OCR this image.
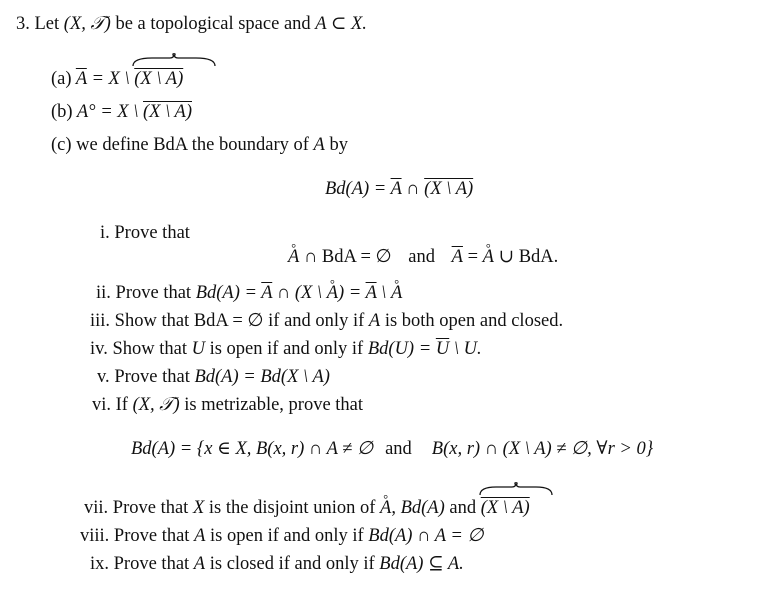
3. Let (X, 𝒯) be a topological space and A ⊂ X.
(a) $\overline{A} = X$ \
(X \ A)
(b) A° = X \ (X \ A)
(c) we define BdA the boundary of A by
$Bd(A) = \overline{A}$ ∩ (X \ A)
i. Prove that
° A ∩ BdA = ∅ and $\overline{A}$ = ° A ∪ BdA.
ii. Prove that $Bd(A) = \overline{A}$ ∩ (X \ ° $A) = \overline{A}$ \ ° A
iii. Show that BdA = ∅ if and only if A is both open and closed.
iv. Show that U is open if and only if $Bd(U) = \overline{U}$ \ U.
v. Prove that Bd(A) = Bd(X \ A)
vi. If (X, 𝒯) is metrizable, prove that
Bd(A) = {x ∈ X, B(x, r) ∩ A ≠ ∅ and B(x, r) ∩ (X \ A) ≠ ∅, ∀r > 0}
vii. Prove that X is the disjoint union of ° A, Bd(A) and (X \ A)
viii. Prove that A is open if and only if Bd(A) ∩ A = ∅
ix. Prove that A is closed if and only if Bd(A) ⊆ A.
